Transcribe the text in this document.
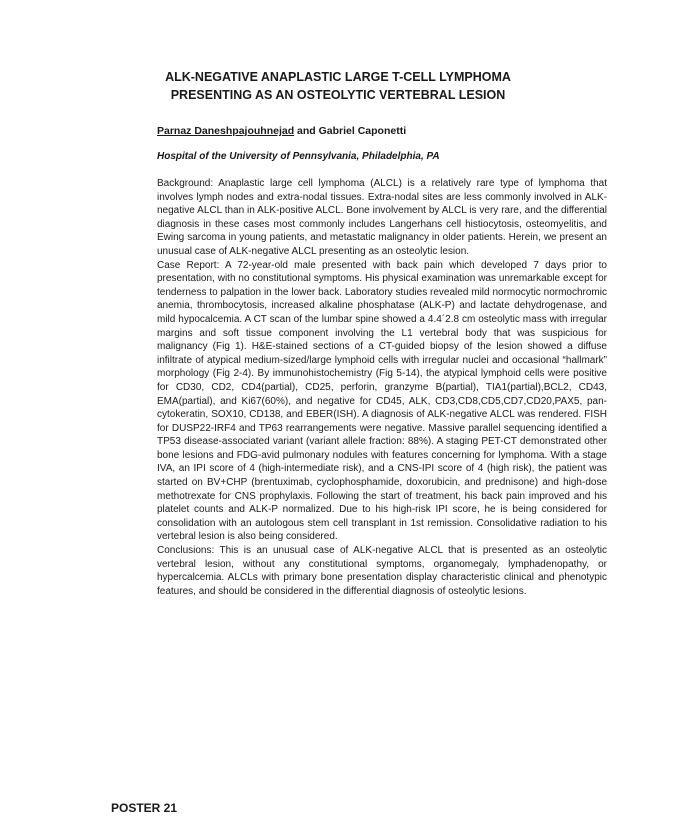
ALK-NEGATIVE ANAPLASTIC LARGE T-CELL LYMPHOMA PRESENTING AS AN OSTEOLYTIC VERTEBRAL LESION
Parnaz Daneshpajouhnejad and Gabriel Caponetti
Hospital of the University of Pennsylvania, Philadelphia, PA

Background: Anaplastic large cell lymphoma (ALCL) is a relatively rare type of lymphoma that involves lymph nodes and extra-nodal tissues. Extra-nodal sites are less commonly involved in ALK-negative ALCL than in ALK-positive ALCL. Bone involvement by ALCL is very rare, and the differential diagnosis in these cases most commonly includes Langerhans cell histiocytosis, osteomyelitis, and Ewing sarcoma in young patients, and metastatic malignancy in older patients. Herein, we present an unusual case of ALK-negative ALCL presenting as an osteolytic lesion.

Case Report: A 72-year-old male presented with back pain which developed 7 days prior to presentation, with no constitutional symptoms. His physical examination was unremarkable except for tenderness to palpation in the lower back. Laboratory studies revealed mild normocytic normochromic anemia, thrombocytosis, increased alkaline phosphatase (ALK-P) and lactate dehydrogenase, and mild hypocalcemia. A CT scan of the lumbar spine showed a 4.4´2.8 cm osteolytic mass with irregular margins and soft tissue component involving the L1 vertebral body that was suspicious for malignancy (Fig 1). H&E-stained sections of a CT-guided biopsy of the lesion showed a diffuse infiltrate of atypical medium-sized/large lymphoid cells with irregular nuclei and occasional “hallmark” morphology (Fig 2-4). By immunohistochemistry (Fig 5-14), the atypical lymphoid cells were positive for CD30, CD2, CD4(partial), CD25, perforin, granzyme B(partial), TIA1(partial),BCL2, CD43, EMA(partial), and Ki67(60%), and negative for CD45, ALK, CD3,CD8,CD5,CD7,CD20,PAX5, pan-cytokeratin, SOX10, CD138, and EBER(ISH). A diagnosis of ALK-negative ALCL was rendered. FISH for DUSP22-IRF4 and TP63 rearrangements were negative. Massive parallel sequencing identified a TP53 disease-associated variant (variant allele fraction: 88%). A staging PET-CT demonstrated other bone lesions and FDG-avid pulmonary nodules with features concerning for lymphoma. With a stage IVA, an IPI score of 4 (high-intermediate risk), and a CNS-IPI score of 4 (high risk), the patient was started on BV+CHP (brentuximab, cyclophosphamide, doxorubicin, and prednisone) and high-dose methotrexate for CNS prophylaxis. Following the start of treatment, his back pain improved and his platelet counts and ALK-P normalized. Due to his high-risk IPI score, he is being considered for consolidation with an autologous stem cell transplant in 1st remission. Consolidative radiation to his vertebral lesion is also being considered.

Conclusions: This is an unusual case of ALK-negative ALCL that is presented as an osteolytic vertebral lesion, without any constitutional symptoms, organomegaly, lymphadenopathy, or hypercalcemia. ALCLs with primary bone presentation display characteristic clinical and phenotypic features, and should be considered in the differential diagnosis of osteolytic lesions.

POSTER 21
